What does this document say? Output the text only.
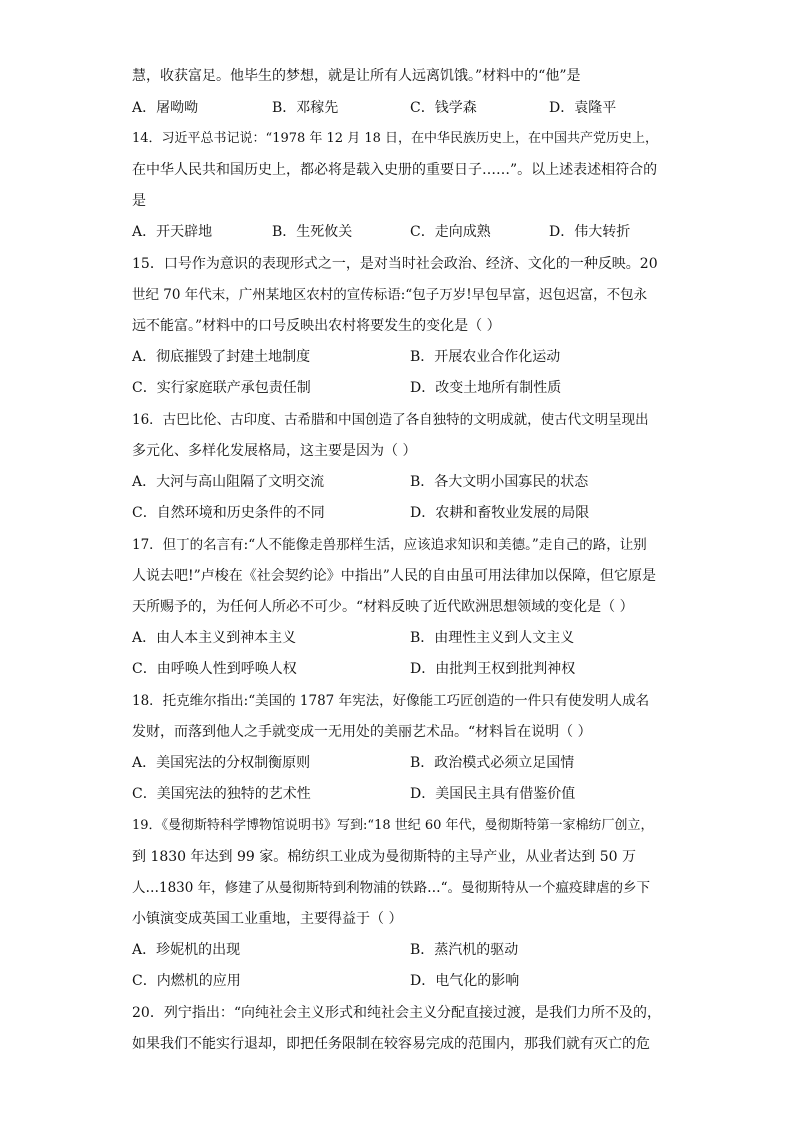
慧，收获富足。他毕生的梦想，就是让所有人远离饥饿。”材料中的“他”是
A．屠呦呦	B．邓稼先	C．钱学森	D．袁隆平
14．习近平总书记说：“1978 年 12 月 18 日，在中华民族历史上，在中国共产党历史上，
在中华人民共和国历史上，都必将是载入史册的重要日子……”。以上述表述相符合的
是
A．开天辟地	B．生死攸关	C．走向成熟	D．伟大转折
15．口号作为意识的表现形式之一，是对当时社会政治、经济、文化的一种反映。20
世纪 70 年代末，广州某地区农村的宣传标语:“包子万岁!早包早富，迟包迟富，不包永
远不能富。”材料中的口号反映出农村将要发生的变化是（ ）
A．彻底摧毁了封建土地制度	B．开展农业合作化运动
C．实行家庭联产承包责任制	D．改变土地所有制性质
16．古巴比伦、古印度、古希腊和中国创造了各自独特的文明成就，使古代文明呈现出
多元化、多样化发展格局，这主要是因为（ ）
A．大河与高山阻隔了文明交流	B．各大文明小国寡民的状态
C．自然环境和历史条件的不同	D．农耕和畜牧业发展的局限
17．但丁的名言有:“人不能像走兽那样生活，应该追求知识和美德。”走自己的路，让别
人说去吧!”卢梭在《社会契约论》中指出”人民的自由虽可用法律加以保障，但它原是
天所赐予的，为任何人所必不可少。“材料反映了近代欧洲思想领域的变化是（ ）
A．由人本主义到神本主义	B．由理性主义到人文主义
C．由呼唤人性到呼唤人权	D．由批判王权到批判神权
18．托克维尔指出:“美国的 1787 年宪法，好像能工巧匠创造的一件只有使发明人成名
发财，而落到他人之手就变成一无用处的美丽艺术品。“材料旨在说明（ ）
A．美国宪法的分权制衡原则	B．政治模式必须立足国情
C．美国宪法的独特的艺术性	D．美国民主具有借鉴价值
19．《曼彻斯特科学博物馆说明书》写到:“18 世纪 60 年代，曼彻斯特第一家棉纺厂创立，
到 1830 年达到 99 家。棉纺织工业成为曼彻斯特的主导产业，从业者达到 50 万
人…1830 年，修建了从曼彻斯特到利物浦的铁路…“。曼彻斯特从一个瘟疫肆虐的乡下
小镇演变成英国工业重地，主要得益于（ ）
A．珍妮机的出现	B．蒸汽机的驱动
C．内燃机的应用	D．电气化的影响
20．列宁指出：“向纯社会主义形式和纯社会主义分配直接过渡，是我们力所不及的，
如果我们不能实行退却，即把任务限制在较容易完成的范围内，那我们就有灭亡的危
